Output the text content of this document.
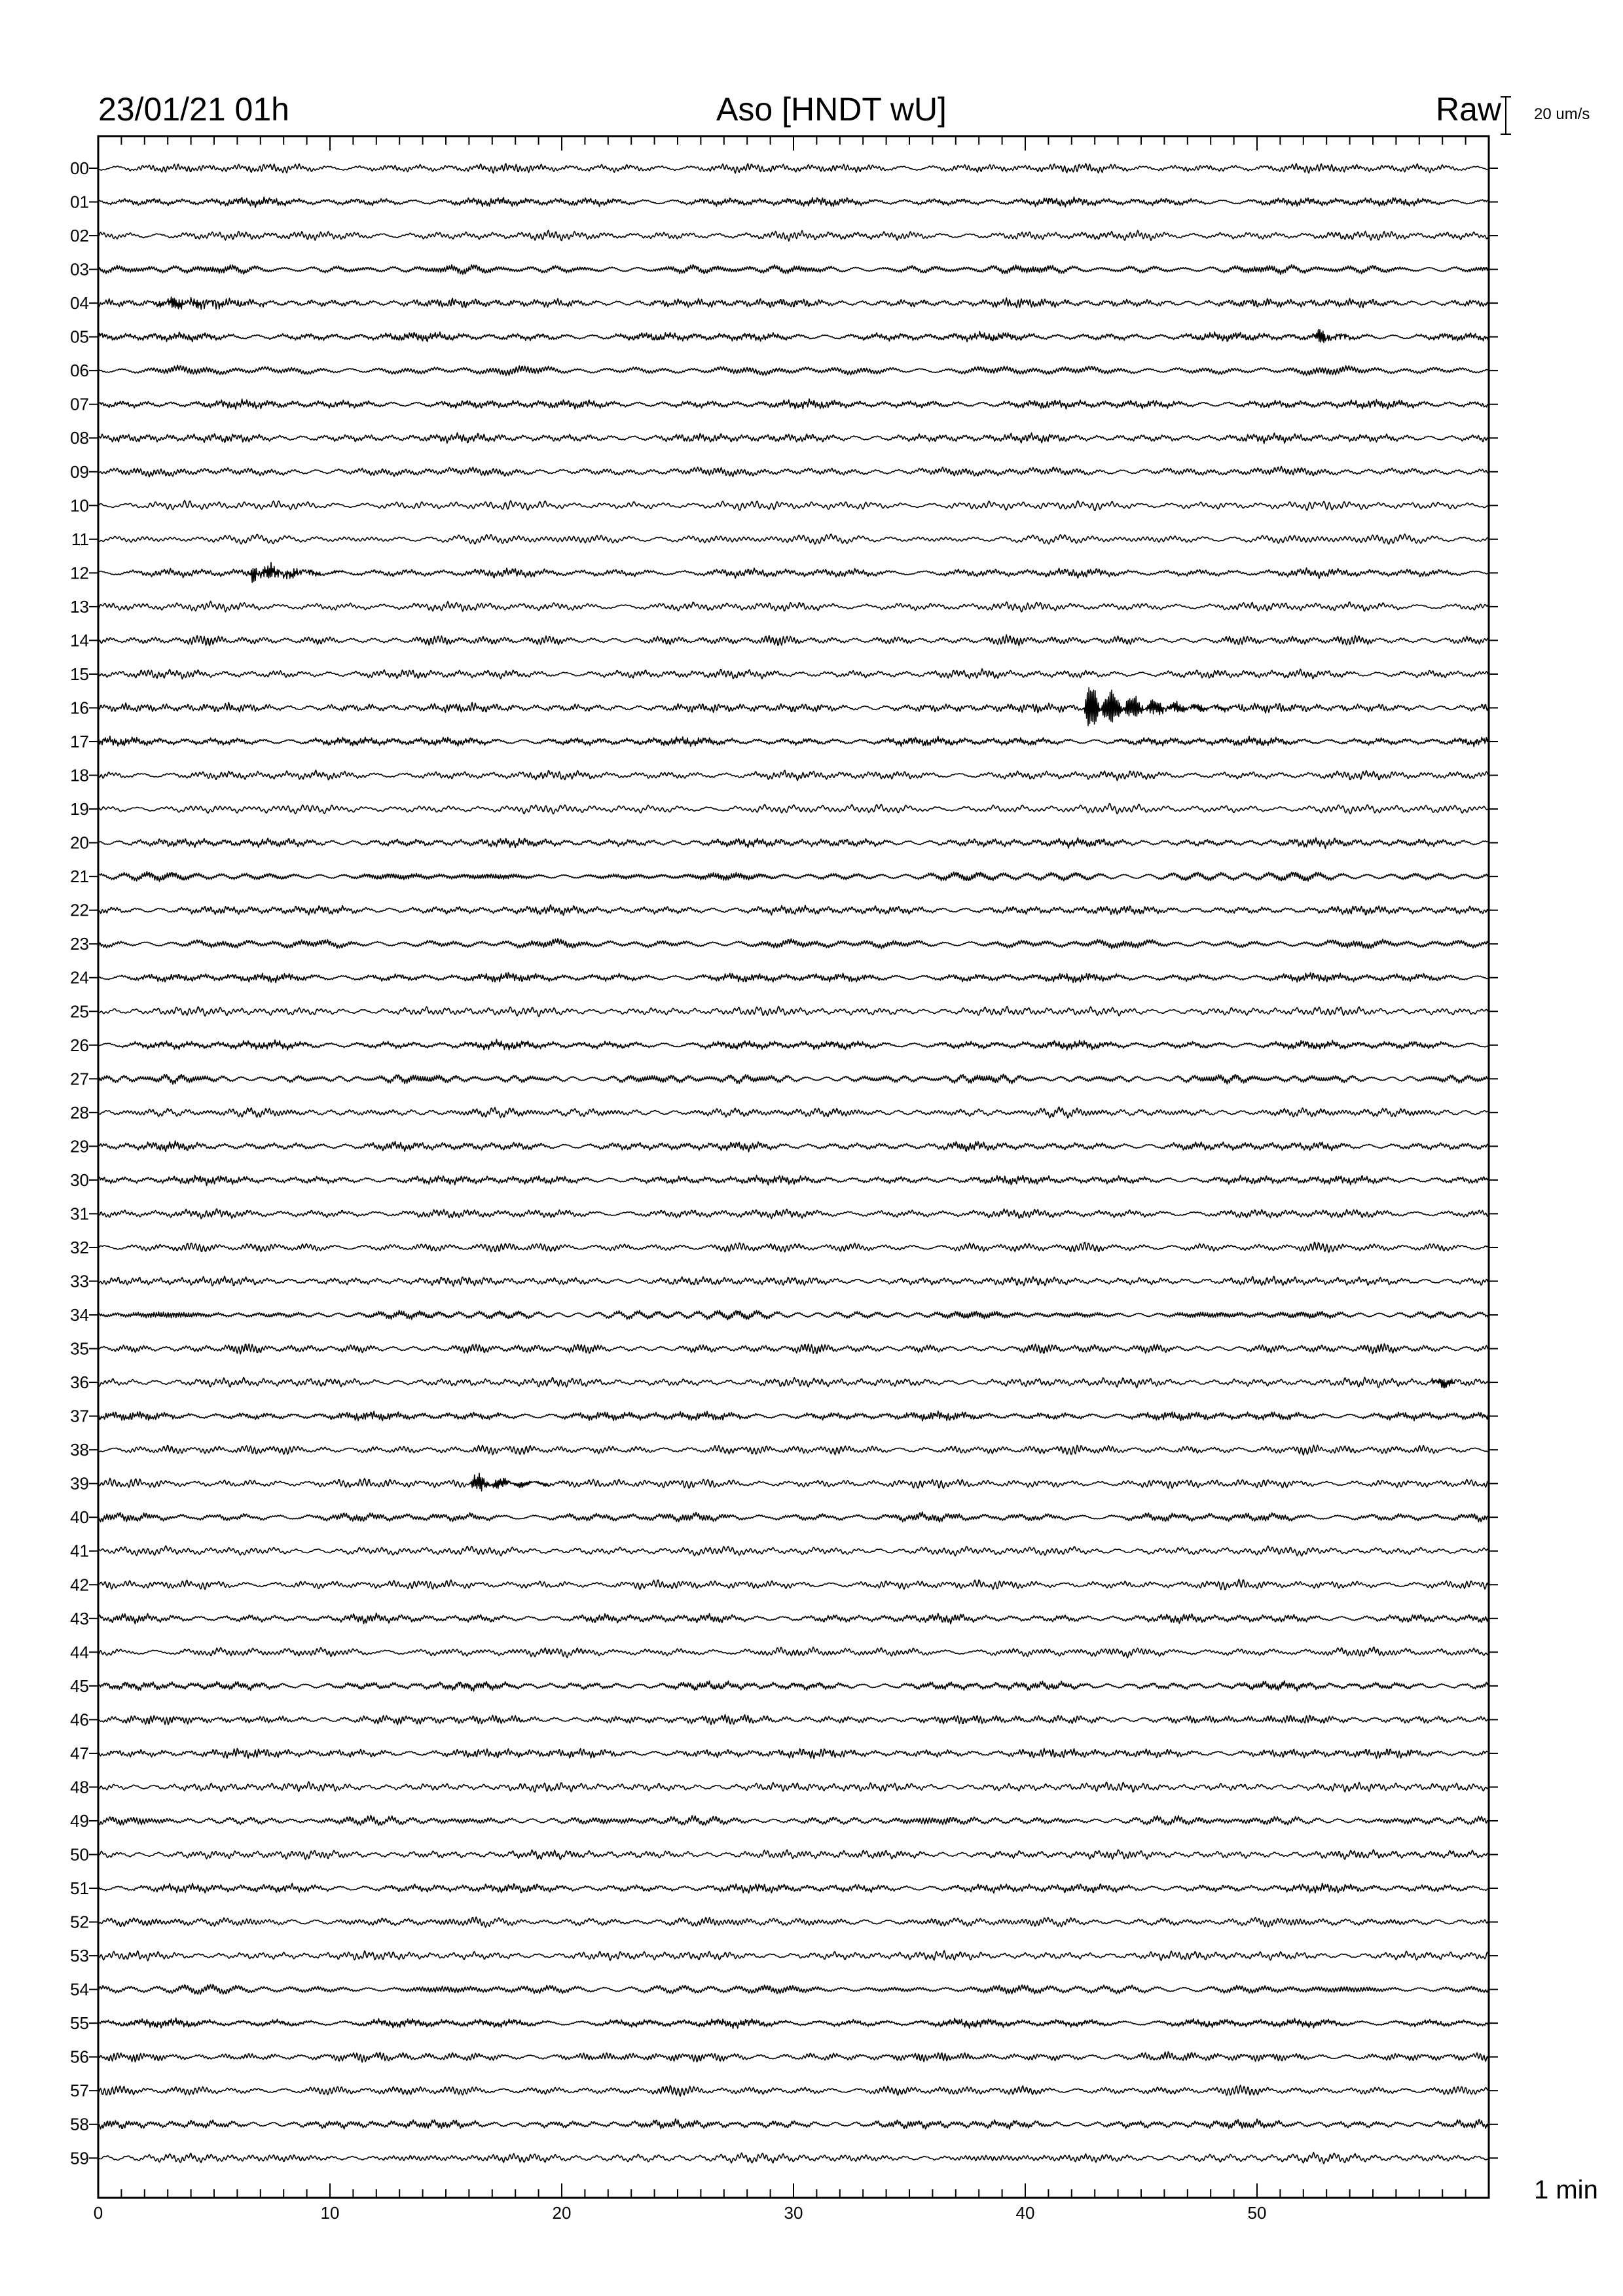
23/01/21 01h	Aso [HNDT wU]	Raw 20 um/s
1 min
00
01
02
03
04
05
06
07
08
09
10
11
12
13
14
15
16
17
18
19
20
21
22
23
24
25
26
27
28
29
30
31
32
33
34
35
36
37
38
39
40
41
42
43
44
45
46
47
48
49
50
51
52
53
54
55
56
57
58
59
0	10	20	30	40	50
